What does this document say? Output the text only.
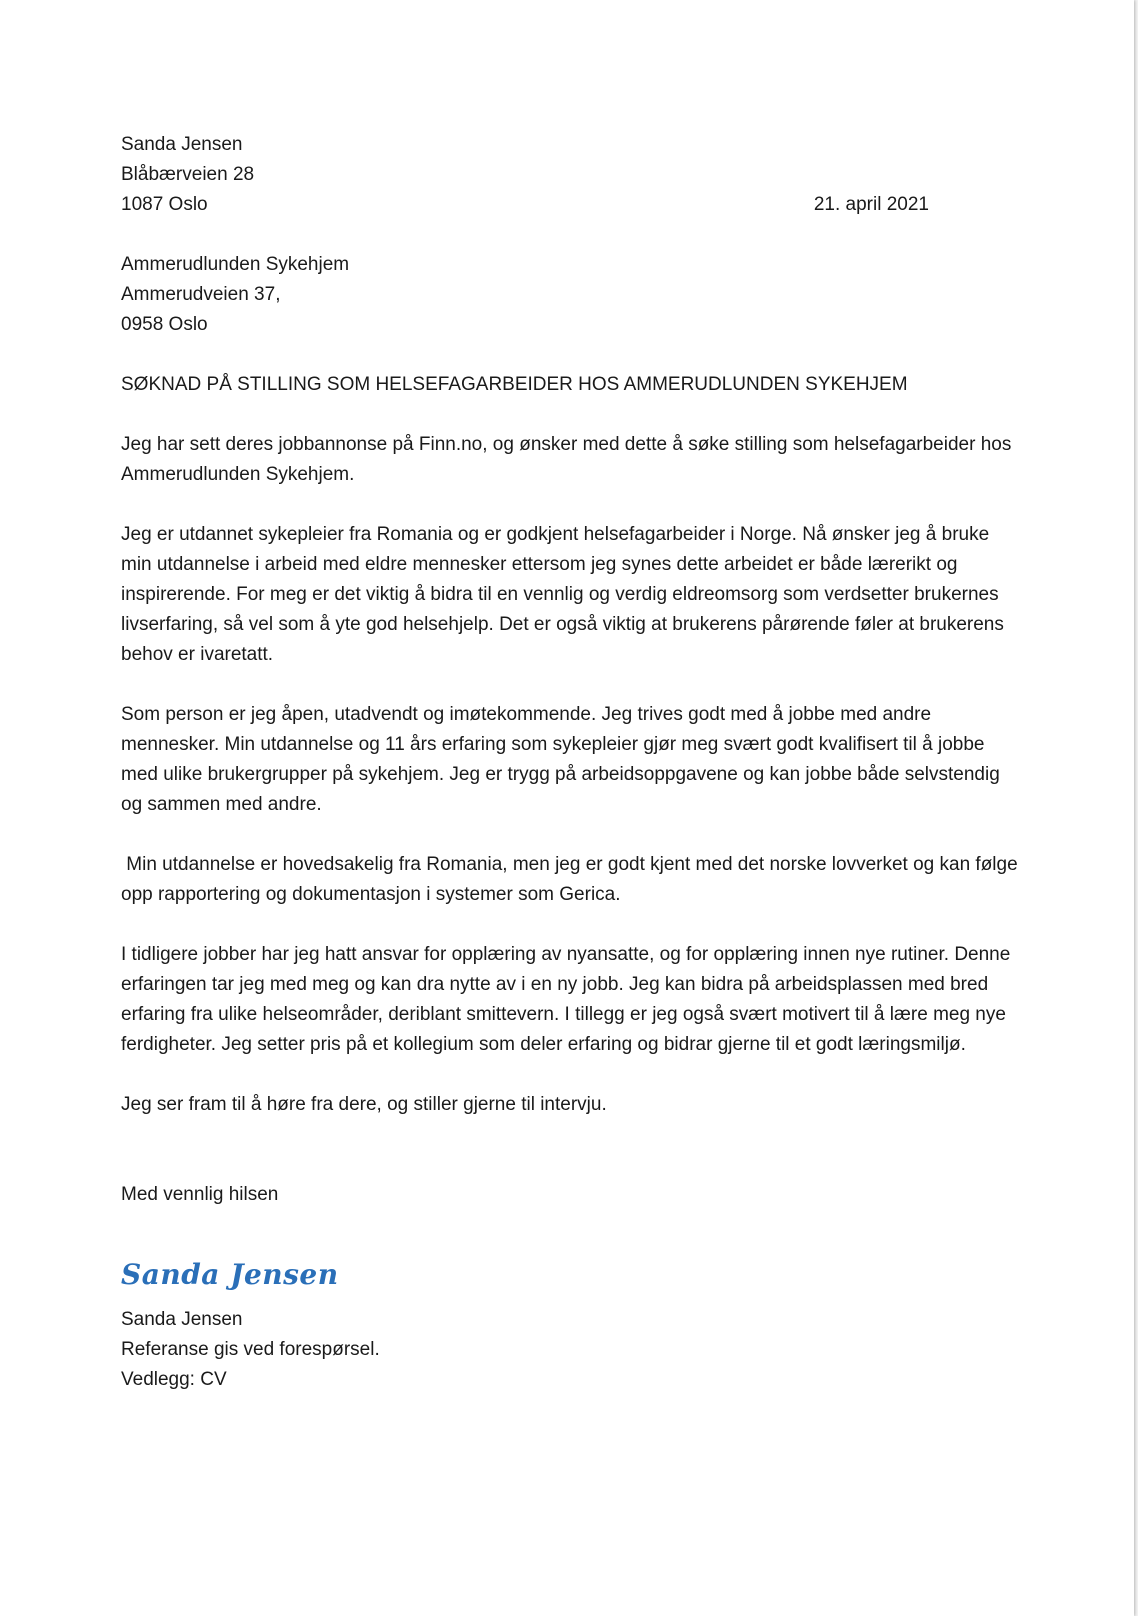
Sanda Jensen
Blåbærveien 28
1087 Oslo	21. april 2021
Ammerudlunden Sykehjem
Ammerudveien 37,
0958 Oslo
SØKNAD PÅ STILLING SOM HELSEFAGARBEIDER HOS AMMERUDLUNDEN SYKEHJEM

Jeg har sett deres jobbannonse på Finn.no, og ønsker med dette å søke stilling som helsefagarbeider hos Ammerudlunden Sykehjem.

Jeg er utdannet sykepleier fra Romania og er godkjent helsefagarbeider i Norge. Nå ønsker jeg å bruke min utdannelse i arbeid med eldre mennesker ettersom jeg synes dette arbeidet er både lærerikt og inspirerende. For meg er det viktig å bidra til en vennlig og verdig eldreomsorg som verdsetter brukernes livserfaring, så vel som å yte god helsehjelp. Det er også viktig at brukerens pårørende føler at brukerens behov er ivaretatt.

Som person er jeg åpen, utadvendt og imøtekommende. Jeg trives godt med å jobbe med andre mennesker. Min utdannelse og 11 års erfaring som sykepleier gjør meg svært godt kvalifisert til å jobbe med ulike brukergrupper på sykehjem. Jeg er trygg på arbeidsoppgavene og kan jobbe både selvstendig og sammen med andre.

Min utdannelse er hovedsakelig fra Romania, men jeg er godt kjent med det norske lovverket og kan følge opp rapportering og dokumentasjon i systemer som Gerica.

I tidligere jobber har jeg hatt ansvar for opplæring av nyansatte, og for opplæring innen nye rutiner. Denne erfaringen tar jeg med meg og kan dra nytte av i en ny jobb. Jeg kan bidra på arbeidsplassen med bred erfaring fra ulike helseområder, deriblant smittevern. I tillegg er jeg også svært motivert til å lære meg nye ferdigheter. Jeg setter pris på et kollegium som deler erfaring og bidrar gjerne til et godt læringsmiljø.

Jeg ser fram til å høre fra dere, og stiller gjerne til intervju.

Med vennlig hilsen
Sanda Jensen
Sanda Jensen
Referanse gis ved forespørsel.
Vedlegg: CV
